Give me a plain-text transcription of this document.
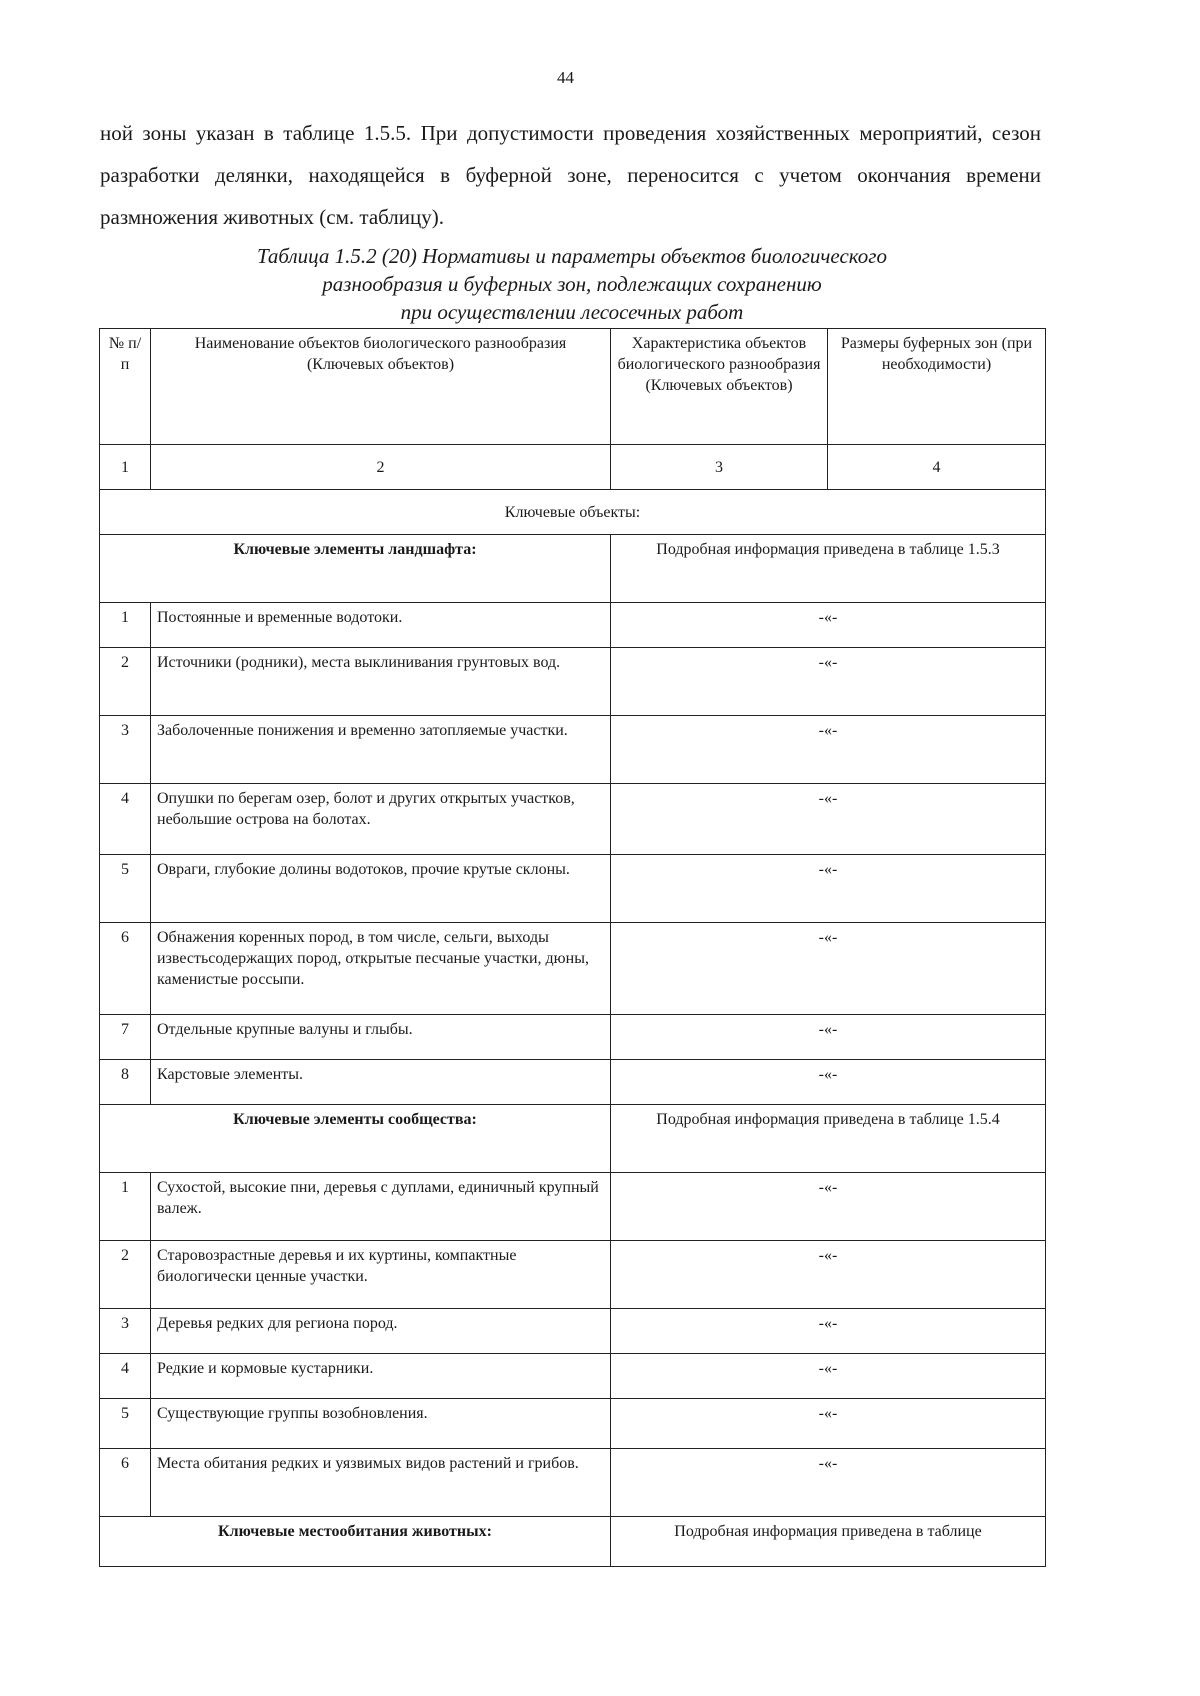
44

ной зоны указан в таблице 1.5.5. При допустимости проведения хозяйственных мероприятий, сезон разработки делянки, находящейся в буферной зоне, переносится с учетом окончания времени размножения животных (см. таблицу).

Таблица 1.5.2 (20) Нормативы и параметры объектов биологического
разнообразия и буферных зон, подлежащих сохранению
при осуществлении лесосечных работ
№ п/п	Наименование объектов биологического разнообразия (Ключевых объектов)	Характеристика объектов биологического разнообразия (Ключевых объектов)	Размеры буферных зон (при необходимости)
1	2	3	4
Ключевые объекты:			
Ключевые элементы ландшафта:		Подробная информация приведена в таблице 1.5.3	
1	Постоянные и временные водотоки.	-«-	
2	Источники (родники), места выклинивания грунтовых вод.	-«-	
3	Заболоченные понижения и временно затопляемые участки.	-«-	
4	Опушки по берегам озер, болот и других открытых участков, небольшие острова на болотах.	-«-	
5	Овраги, глубокие долины водотоков, прочие крутые склоны.	-«-	
6	Обнажения коренных пород, в том числе, сельги, выходы известьсодержащих пород, открытые песчаные участки, дюны, каменистые россыпи.	-«-	
7	Отдельные крупные валуны и глыбы.	-«-	
8	Карстовые элементы.	-«-	
Ключевые элементы сообщества:		Подробная информация приведена в таблице 1.5.4	
1	Сухостой, высокие пни, деревья с дуплами, единичный крупный валеж.	-«-	
2	Старовозрастные деревья и их куртины, компактные биологически ценные участки.	-«-	
3	Деревья редких для региона пород.	-«-	
4	Редкие и кормовые кустарники.	-«-	
5	Существующие группы возобновления.	-«-	
6	Места обитания редких и уязвимых видов растений и грибов.	-«-	
Ключевые местообитания животных:		Подробная информация приведена в таблице	
